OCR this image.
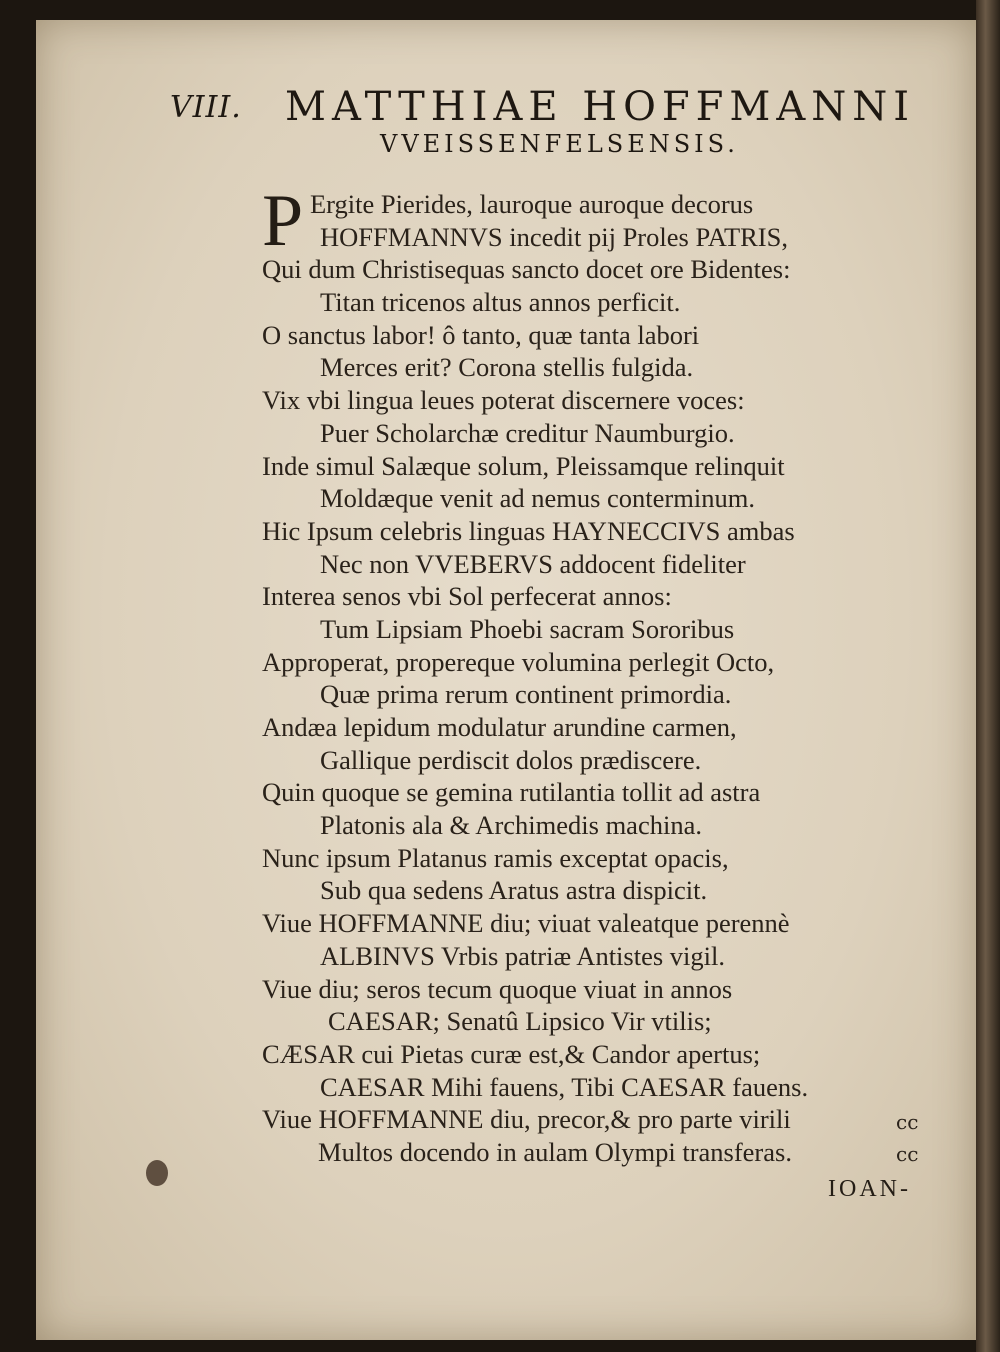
VIII. MATTHIAE HOFFMANNI
VVEISSENFELSENSIS.
P Ergite Pierides, lauroque auroque decorus
HOFFMANNVS incedit pij Proles PATRIS,
Qui dum Christisequas sancto docet ore Bidentes:
Titan tricenos altus annos perficit.
O sanctus labor! ô tanto, quæ tanta labori
Merces erit? Corona stellis fulgida.
Vix vbi lingua leues poterat discernere voces:
Puer Scholarchæ creditur Naumburgio.
Inde simul Salæque solum, Pleissamque relinquit
Moldæque venit ad nemus conterminum.
Hic Ipsum celebris linguas HAYNECCIVS ambas
Nec non VVEBERVS addocent fideliter
Interea senos vbi Sol perfecerat annos:
Tum Lipsiam Phoebi sacram Sororibus
Approperat, propereque volumina perlegit Octo,
Quæ prima rerum continent primordia.
Andæa lepidum modulatur arundine carmen,
Gallique perdiscit dolos prædiscere.
Quin quoque se gemina rutilantia tollit ad astra
Platonis ala & Archimedis machina.
Nunc ipsum Platanus ramis exceptat opacis,
Sub qua sedens Aratus astra dispicit.
Viue HOFFMANNE diu; viuat valeatque perennè
ALBINVS Vrbis patriæ Antistes vigil.
Viue diu; seros tecum quoque viuat in annos
CAESAR; Senatû Lipsico Vir vtilis;
CÆSAR cui Pietas curæ est,& Candor apertus;
CAESAR Mihi fauens, Tibi CAESAR fauens.
Viue HOFFMANNE diu, precor,& pro parte virili
Multos docendo in aulam Olympi transferas.
cc
cc
IOAN-
